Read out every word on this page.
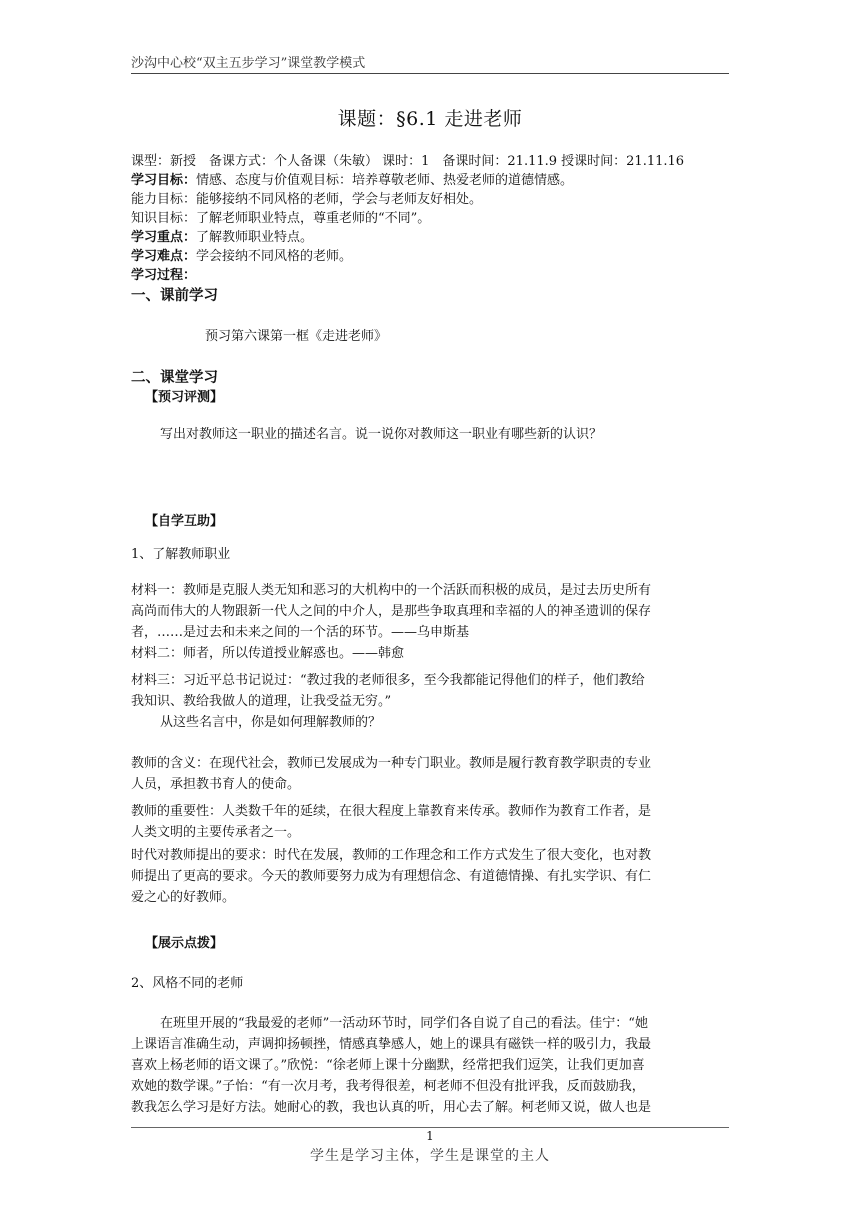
沙沟中心校“双主五步学习”课堂教学模式
课题：§6.1 走进老师
课型：新授　备课方式：个人备课（朱敏） 课时：1　备课时间：21.11.9 授课时间：21.11.16
学习目标：情感、态度与价值观目标：培养尊敬老师、热爱老师的道德情感。
能力目标：能够接纳不同风格的老师，学会与老师友好相处。
知识目标：了解老师职业特点，尊重老师的“不同”。
学习重点：了解教师职业特点。
学习难点：学会接纳不同风格的老师。
学习过程：
一、课前学习
预习第六课第一框《走进老师》
二、课堂学习
【预习评测】
写出对教师这一职业的描述名言。说一说你对教师这一职业有哪些新的认识？
【自学互助】
1、了解教师职业
材料一：教师是克服人类无知和恶习的大机构中的一个活跃而积极的成员，是过去历史所有
高尚而伟大的人物跟新一代人之间的中介人，是那些争取真理和幸福的人的神圣遗训的保存
者，……是过去和未来之间的一个活的环节。——乌申斯基
材料二：师者，所以传道授业解惑也。——韩愈
材料三：习近平总书记说过：“教过我的老师很多，至今我都能记得他们的样子，他们教给
我知识、教给我做人的道理，让我受益无穷。”
从这些名言中，你是如何理解教师的？
教师的含义：在现代社会，教师已发展成为一种专门职业。教师是履行教育教学职责的专业
人员，承担教书育人的使命。
教师的重要性：人类数千年的延续，在很大程度上靠教育来传承。教师作为教育工作者，是
人类文明的主要传承者之一。
时代对教师提出的要求：时代在发展，教师的工作理念和工作方式发生了很大变化，也对教
师提出了更高的要求。今天的教师要努力成为有理想信念、有道德情操、有扎实学识、有仁
爱之心的好教师。
【展示点拨】
2、风格不同的老师
在班里开展的“我最爱的老师”一活动环节时，同学们各自说了自己的看法。佳宁：“她
上课语言准确生动，声调抑扬顿挫，情感真挚感人，她上的课具有磁铁一样的吸引力，我最
喜欢上杨老师的语文课了。”欣悦：“徐老师上课十分幽默，经常把我们逗笑，让我们更加喜
欢她的数学课。”子怡：“有一次月考，我考得很差，柯老师不但没有批评我，反而鼓励我，
教我怎么学习是好方法。她耐心的教，我也认真的听，用心去了解。柯老师又说，做人也是
1
学生是学习主体，学生是课堂的主人
